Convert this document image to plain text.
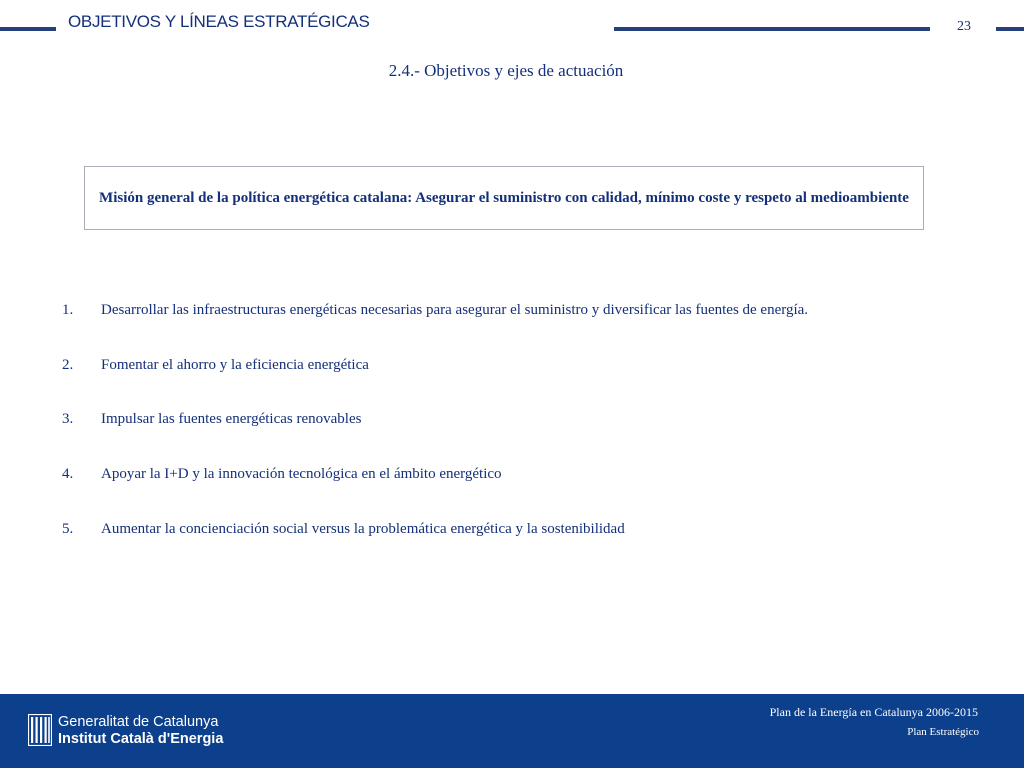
OBJETIVOS Y LÍNEAS ESTRATÉGICAS	23
2.4.- Objetivos y ejes de actuación
Misión general de la política energética catalana: Asegurar el suministro con calidad, mínimo coste y respeto al medioambiente
1. Desarrollar las infraestructuras energéticas necesarias para asegurar el suministro y diversificar las fuentes de energía.
2. Fomentar el ahorro y la eficiencia energética
3. Impulsar las fuentes energéticas renovables
4. Apoyar la I+D y la innovación tecnológica en el ámbito energético
5. Aumentar la concienciación social versus la problemática energética y la sostenibilidad
Generalitat de Catalunya
Institut Català d'Energia
Plan de la Energía en Catalunya 2006-2015
Plan Estratégico
